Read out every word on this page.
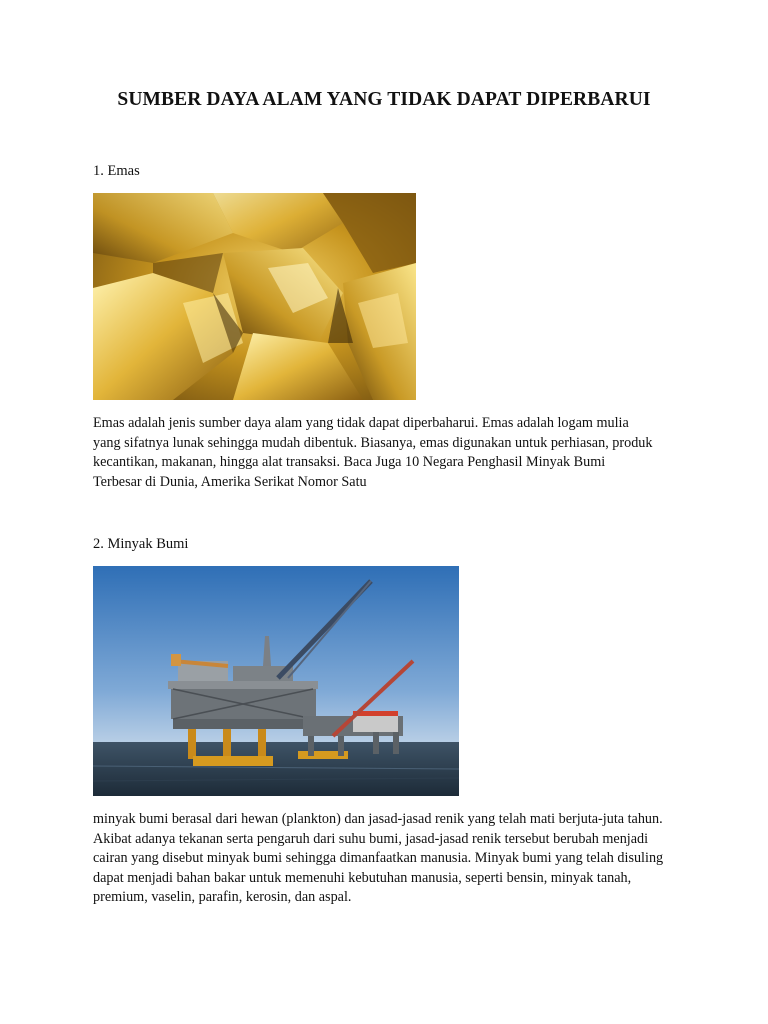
SUMBER DAYA ALAM YANG TIDAK DAPAT DIPERBARUI

1. Emas

Emas adalah jenis sumber daya alam yang tidak dapat diperbaharui. Emas adalah logam mulia yang sifatnya lunak sehingga mudah dibentuk. Biasanya, emas digunakan untuk perhiasan, produk kecantikan, makanan, hingga alat transaksi. Baca Juga 10 Negara Penghasil Minyak Bumi Terbesar di Dunia, Amerika Serikat Nomor Satu

2. Minyak Bumi

minyak bumi berasal dari hewan (plankton) dan jasad-jasad renik yang telah mati berjuta-juta tahun. Akibat adanya tekanan serta pengaruh dari suhu bumi, jasad-jasad renik tersebut berubah menjadi cairan yang disebut minyak bumi sehingga dimanfaatkan manusia. Minyak bumi yang telah disuling dapat menjadi bahan bakar untuk memenuhi kebutuhan manusia, seperti bensin, minyak tanah, premium, vaselin, parafin, kerosin, dan aspal.
